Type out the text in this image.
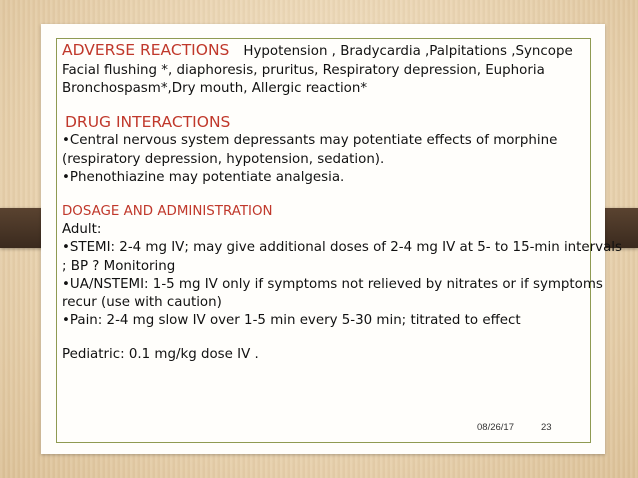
ADVERSE REACTIONS Hypotension , Bradycardia ,Palpitations ,Syncope

Facial flushing *, diaphoresis, pruritus, Respiratory depression, Euphoria

Bronchospasm*,Dry mouth, Allergic reaction*

DRUG INTERACTIONS

•Central nervous system depressants may potentiate effects of morphine

(respiratory depression, hypotension, sedation).

•Phenothiazine may potentiate analgesia.

DOSAGE AND ADMINISTRATION

Adult:

•STEMI: 2-4 mg IV; may give additional doses of 2-4 mg IV at 5- to 15-min intervals

; BP ? Monitoring

•UA/NSTEMI: 1-5 mg IV only if symptoms not relieved by nitrates or if symptoms

recur (use with caution)

•Pain: 2-4 mg slow IV over 1-5 min every 5-30 min; titrated to effect

Pediatric: 0.1 mg/kg dose IV .

08/26/17	23
